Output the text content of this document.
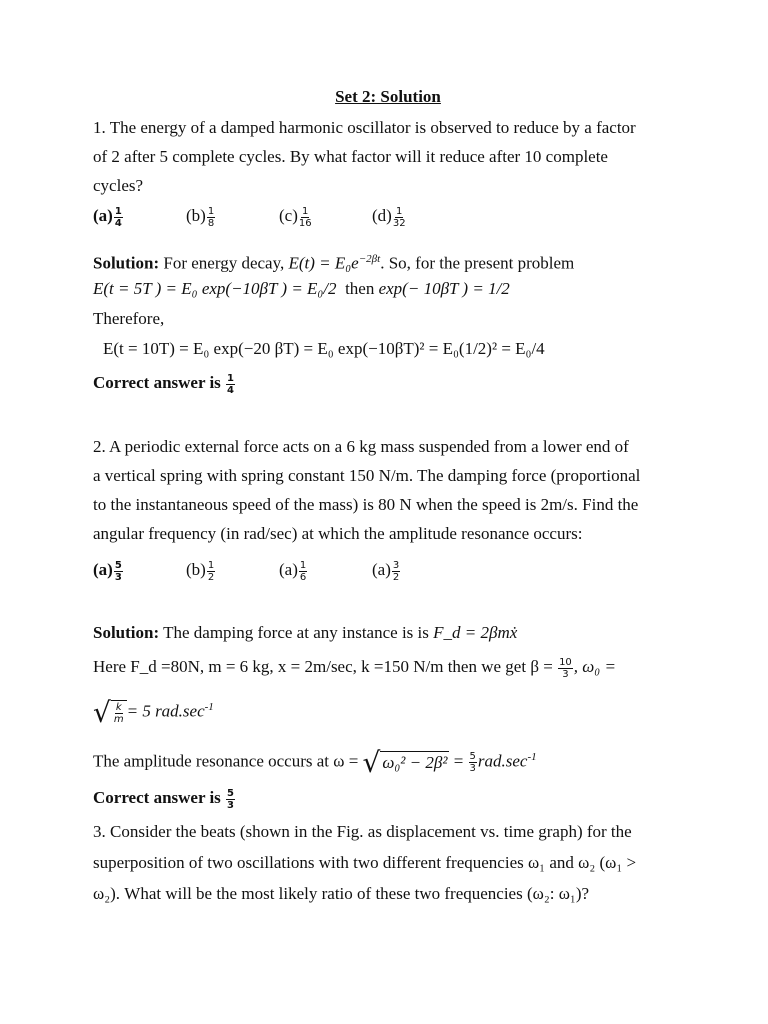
Set 2: Solution
1. The energy of a damped harmonic oscillator is observed to reduce by a factor
of 2 after 5 complete cycles. By what factor will it reduce after 10 complete
cycles?
$(a) \frac{1}{4}$	$(b) \frac{1}{8}$	$(c) \frac{1}{16}$	$(d) \frac{1}{32}$
Solution: For energy decay, $E(t) = E_0e^{-2\beta t}$. So, for the present problem
E(t = 5T ) = E₀ exp(−10βT ) = E₀/2 then exp(− 10βT ) = 1/2
Therefore,
E(t = 10T) = E₀ exp(−20 βT) = E₀ exp(−10βT)² = E₀(1/2)² = E₀/4
Correct answer is $\frac{1}{4}$
2. A periodic external force acts on a 6 kg mass suspended from a lower end of
a vertical spring with spring constant 150 N/m. The damping force (proportional
to the instantaneous speed of the mass) is 80 N when the speed is 2m/s. Find the
angular frequency (in rad/sec) at which the amplitude resonance occurs:
$(a) \frac{5}{3}$	$(b) \frac{1}{2}$	$(a) \frac{1}{6}$	$(a) \frac{3}{2}$
Solution: The damping force at any instance is is F_d = 2βmẋ
Here F_d =80N, m = 6 kg, x = 2m/sec, k =150 N/m then we get $\beta = \frac{10}{3}$ , ω₀ =
√ $\frac{k}{m} = 5$ $rad.\sec^{-1}$
The amplitude resonance occurs at ω = √ $\omega_0^2 - 2\beta^2 = \frac{5}{3} rad.\sec^{-1}$
Correct answer is $\frac{5}{3}$
3. Consider the beats (shown in the Fig. as displacement vs. time graph) for the
superposition of two oscillations with two different frequencies ω₁ and ω₂ (ω₁ >
ω₂). What will be the most likely ratio of these two frequencies (ω₂: ω₁)?
